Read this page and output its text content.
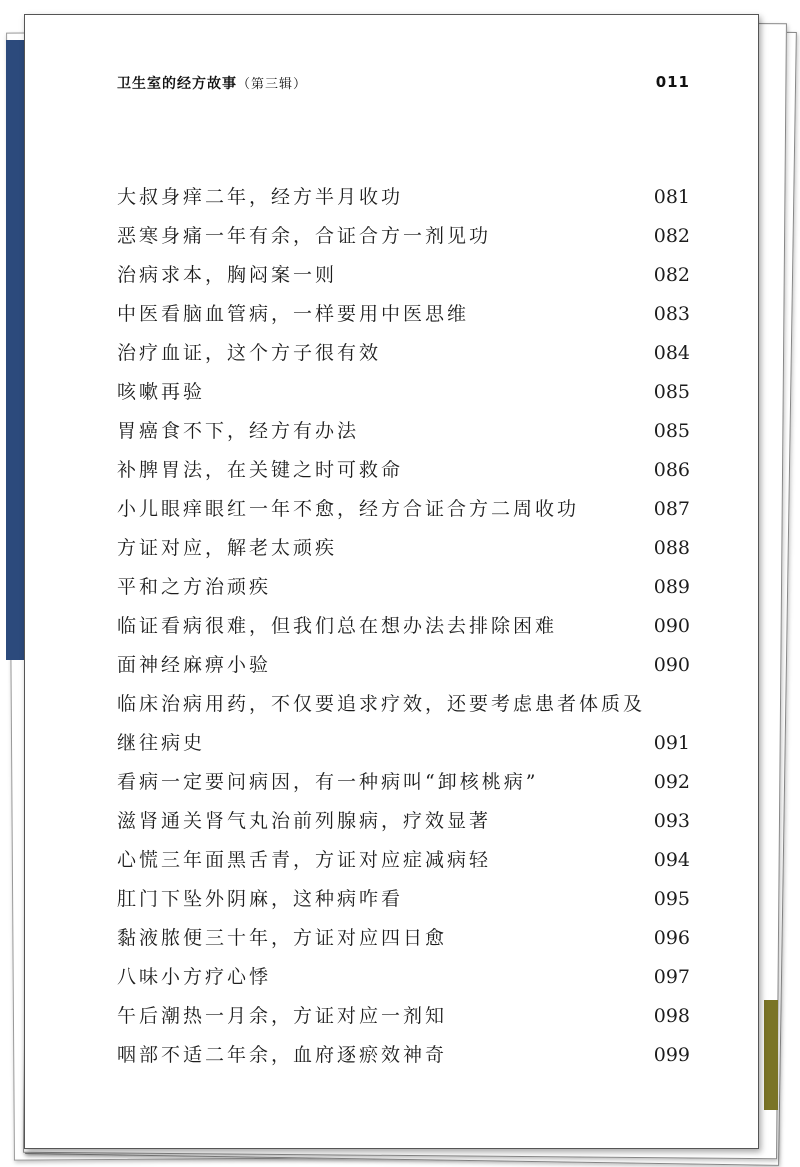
卫生室的经方故事（第三辑）	011
大叔身痒二年，经方半月收功	081
恶寒身痛一年有余，合证合方一剂见功	082
治病求本，胸闷案一则	082
中医看脑血管病，一样要用中医思维	083
治疗血证，这个方子很有效	084
咳嗽再验	085
胃癌食不下，经方有办法	085
补脾胃法，在关键之时可救命	086
小儿眼痒眼红一年不愈，经方合证合方二周收功	087
方证对应，解老太顽疾	088
平和之方治顽疾	089
临证看病很难，但我们总在想办法去排除困难	090
面神经麻痹小验	090
临床治病用药，不仅要追求疗效，还要考虑患者体质及
继往病史	091
看病一定要问病因，有一种病叫“卸核桃病”	092
滋肾通关肾气丸治前列腺病，疗效显著	093
心慌三年面黑舌青，方证对应症减病轻	094
肛门下坠外阴麻，这种病咋看	095
黏液脓便三十年，方证对应四日愈	096
八味小方疗心悸	097
午后潮热一月余，方证对应一剂知	098
咽部不适二年余，血府逐瘀效神奇	099
